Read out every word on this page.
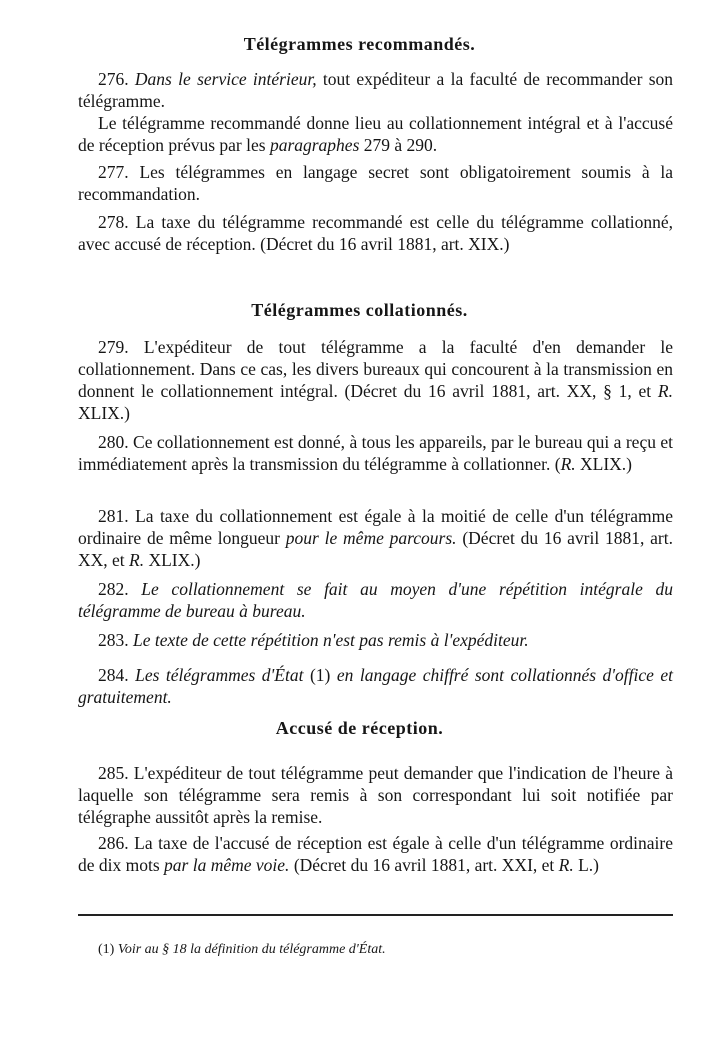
Télégrammes recommandés.
276. Dans le service intérieur, tout expéditeur a la faculté de recommander son télégramme.
Le télégramme recommandé donne lieu au collationnement intégral et à l'accusé de réception prévus par les paragraphes 279 à 290.
277. Les télégrammes en langage secret sont obligatoirement soumis à la recommandation.
278. La taxe du télégramme recommandé est celle du télégramme collationné, avec accusé de réception. (Décret du 16 avril 1881, art. XIX.)
Télégrammes collationnés.
279. L'expéditeur de tout télégramme a la faculté d'en demander le collationnement. Dans ce cas, les divers bureaux qui concourent à la transmission en donnent le collationnement intégral. (Décret du 16 avril 1881, art. XX, § 1, et R. XLIX.)
280. Ce collationnement est donné, à tous les appareils, par le bureau qui a reçu et immédiatement après la transmission du télégramme à collationner. (R. XLIX.)
281. La taxe du collationnement est égale à la moitié de celle d'un télégramme ordinaire de même longueur pour le même parcours. (Décret du 16 avril 1881, art. XX, et R. XLIX.)
282. Le collationnement se fait au moyen d'une répétition intégrale du télégramme de bureau à bureau.
283. Le texte de cette répétition n'est pas remis à l'expéditeur.
284. Les télégrammes d'État (1) en langage chiffré sont collationnés d'office et gratuitement.
Accusé de réception.
285. L'expéditeur de tout télégramme peut demander que l'indication de l'heure à laquelle son télégramme sera remis à son correspondant lui soit notifiée par télégraphe aussitôt après la remise.
286. La taxe de l'accusé de réception est égale à celle d'un télégramme ordinaire de dix mots par la même voie. (Décret du 16 avril 1881, art. XXI, et R. L.)
(1) Voir au § 18 la définition du télégramme d'État.
